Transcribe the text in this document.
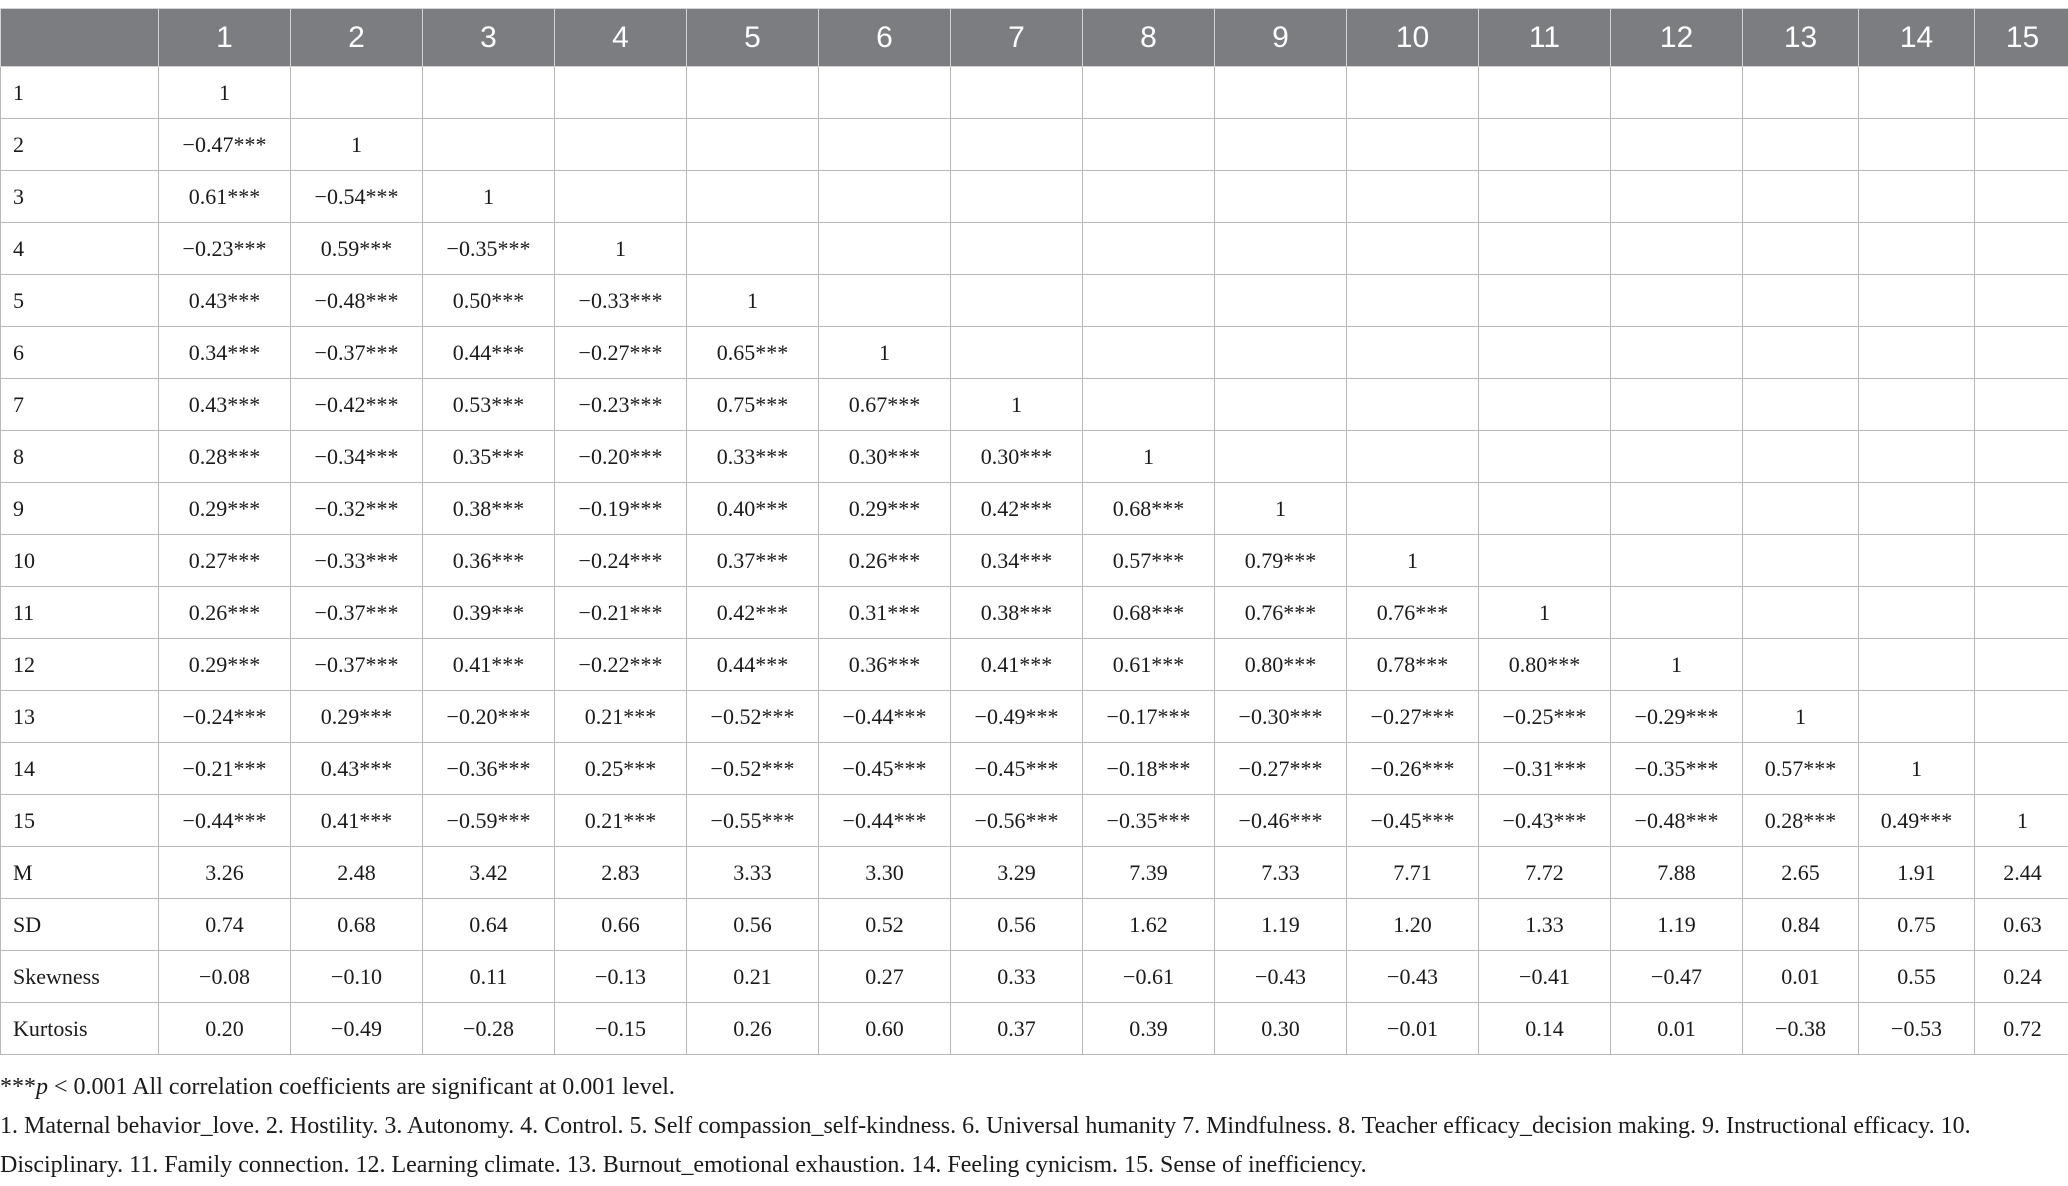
	1	2	3	4	5	6	7	8	9	10	11	12	13	14	15
1	1														
2	−0.47***	1													
3	0.61***	−0.54***	1												
4	−0.23***	0.59***	−0.35***	1											
5	0.43***	−0.48***	0.50***	−0.33***	1										
6	0.34***	−0.37***	0.44***	−0.27***	0.65***	1									
7	0.43***	−0.42***	0.53***	−0.23***	0.75***	0.67***	1								
8	0.28***	−0.34***	0.35***	−0.20***	0.33***	0.30***	0.30***	1							
9	0.29***	−0.32***	0.38***	−0.19***	0.40***	0.29***	0.42***	0.68***	1						
10	0.27***	−0.33***	0.36***	−0.24***	0.37***	0.26***	0.34***	0.57***	0.79***	1					
11	0.26***	−0.37***	0.39***	−0.21***	0.42***	0.31***	0.38***	0.68***	0.76***	0.76***	1				
12	0.29***	−0.37***	0.41***	−0.22***	0.44***	0.36***	0.41***	0.61***	0.80***	0.78***	0.80***	1			
13	−0.24***	0.29***	−0.20***	0.21***	−0.52***	−0.44***	−0.49***	−0.17***	−0.30***	−0.27***	−0.25***	−0.29***	1		
14	−0.21***	0.43***	−0.36***	0.25***	−0.52***	−0.45***	−0.45***	−0.18***	−0.27***	−0.26***	−0.31***	−0.35***	0.57***	1	
15	−0.44***	0.41***	−0.59***	0.21***	−0.55***	−0.44***	−0.56***	−0.35***	−0.46***	−0.45***	−0.43***	−0.48***	0.28***	0.49***	1
M	3.26	2.48	3.42	2.83	3.33	3.30	3.29	7.39	7.33	7.71	7.72	7.88	2.65	1.91	2.44
SD	0.74	0.68	0.64	0.66	0.56	0.52	0.56	1.62	1.19	1.20	1.33	1.19	0.84	0.75	0.63
Skewness	−0.08	−0.10	0.11	−0.13	0.21	0.27	0.33	−0.61	−0.43	−0.43	−0.41	−0.47	0.01	0.55	0.24
Kurtosis	0.20	−0.49	−0.28	−0.15	0.26	0.60	0.37	0.39	0.30	−0.01	0.14	0.01	−0.38	−0.53	0.72

***p < 0.001 All correlation coefficients are significant at 0.001 level.

1. Maternal behavior_love. 2. Hostility. 3. Autonomy. 4. Control. 5. Self compassion_self-kindness. 6. Universal humanity 7. Mindfulness. 8. Teacher efficacy_decision making. 9. Instructional efficacy. 10. Disciplinary. 11. Family connection. 12. Learning climate. 13. Burnout_emotional exhaustion. 14. Feeling cynicism. 15. Sense of inefficiency.
